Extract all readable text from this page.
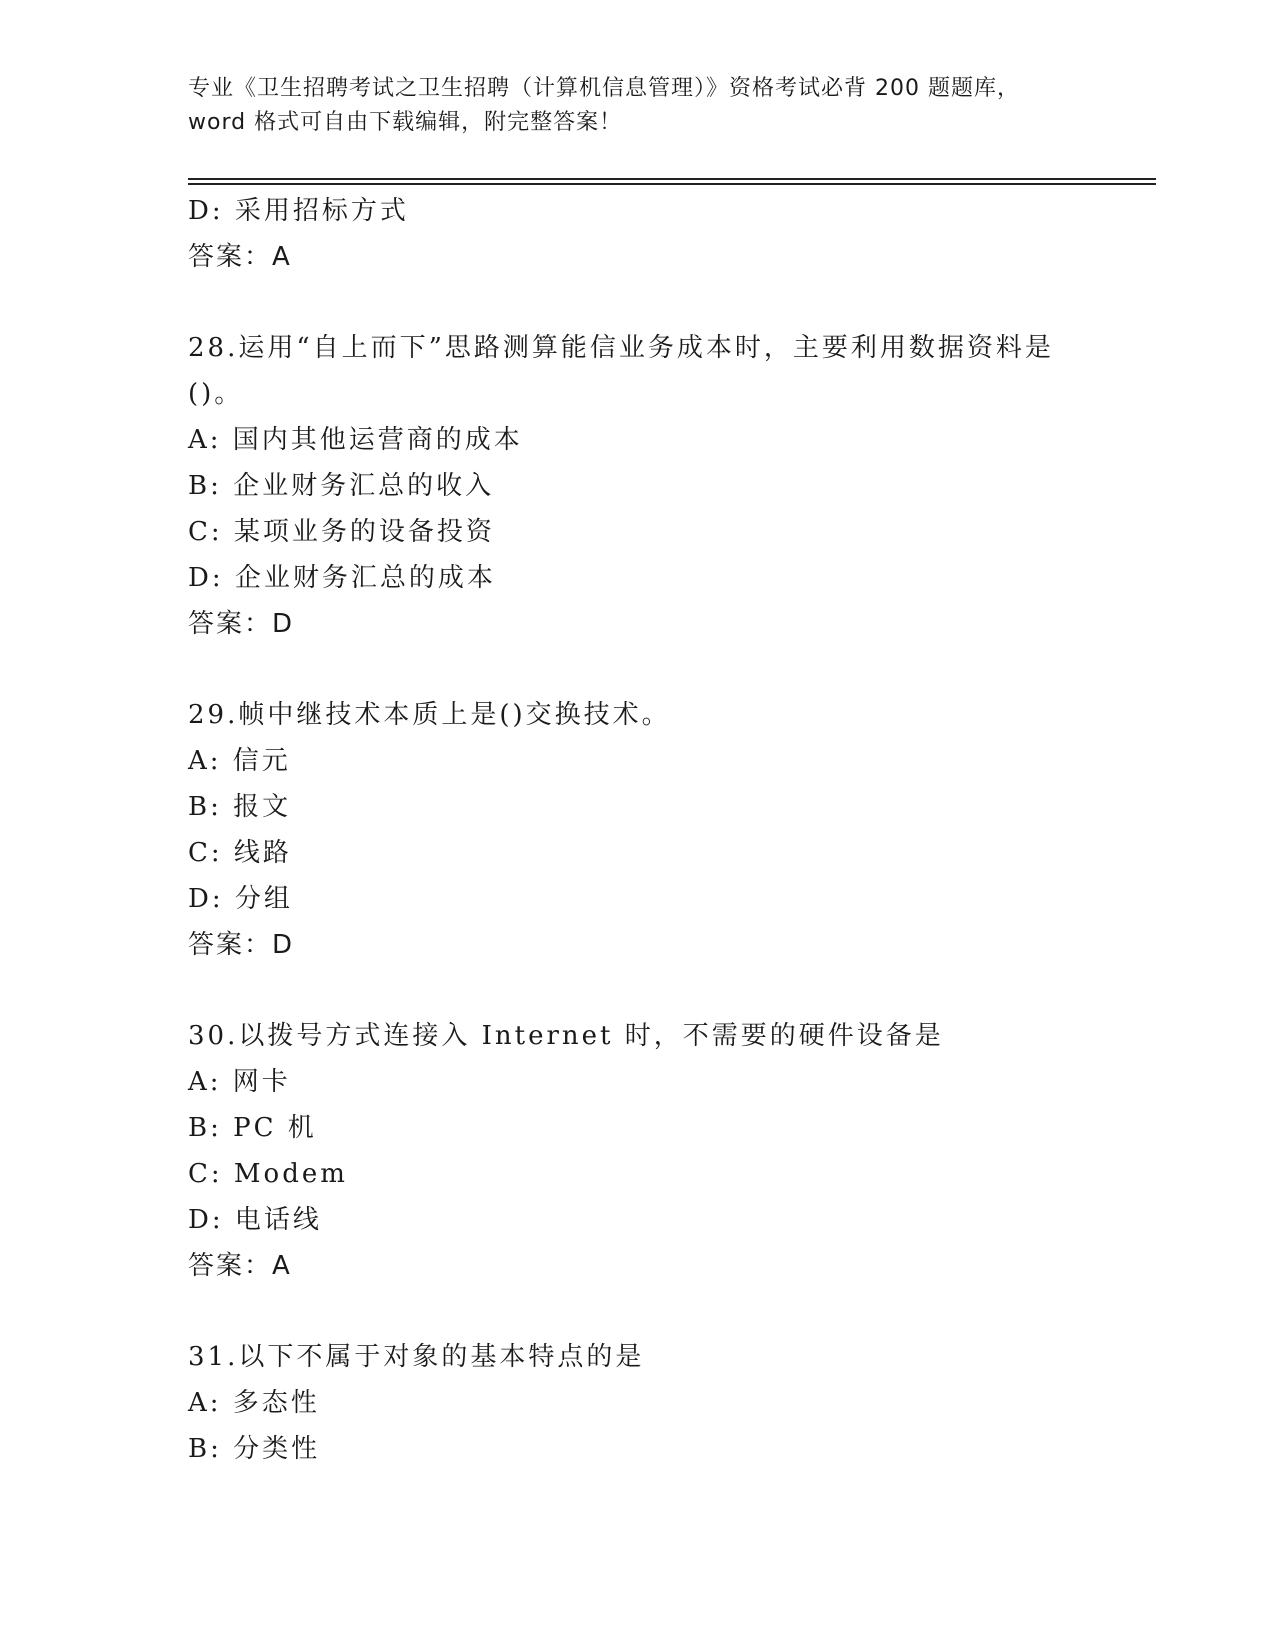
专业《卫生招聘考试之卫生招聘（计算机信息管理）》资格考试必背 200 题题库，
word 格式可自由下载编辑，附完整答案！
D: 采用招标方式
答案：A
28.运用“自上而下”思路测算能信业务成本时，主要利用数据资料是
()。
A: 国内其他运营商的成本
B: 企业财务汇总的收入
C: 某项业务的设备投资
D: 企业财务汇总的成本
答案：D
29.帧中继技术本质上是()交换技术。
A: 信元
B: 报文
C: 线路
D: 分组
答案：D
30.以拨号方式连接入 Internet 时，不需要的硬件设备是
A: 网卡
B: PC 机
C: Modem
D: 电话线
答案：A
31.以下不属于对象的基本特点的是
A: 多态性
B: 分类性
